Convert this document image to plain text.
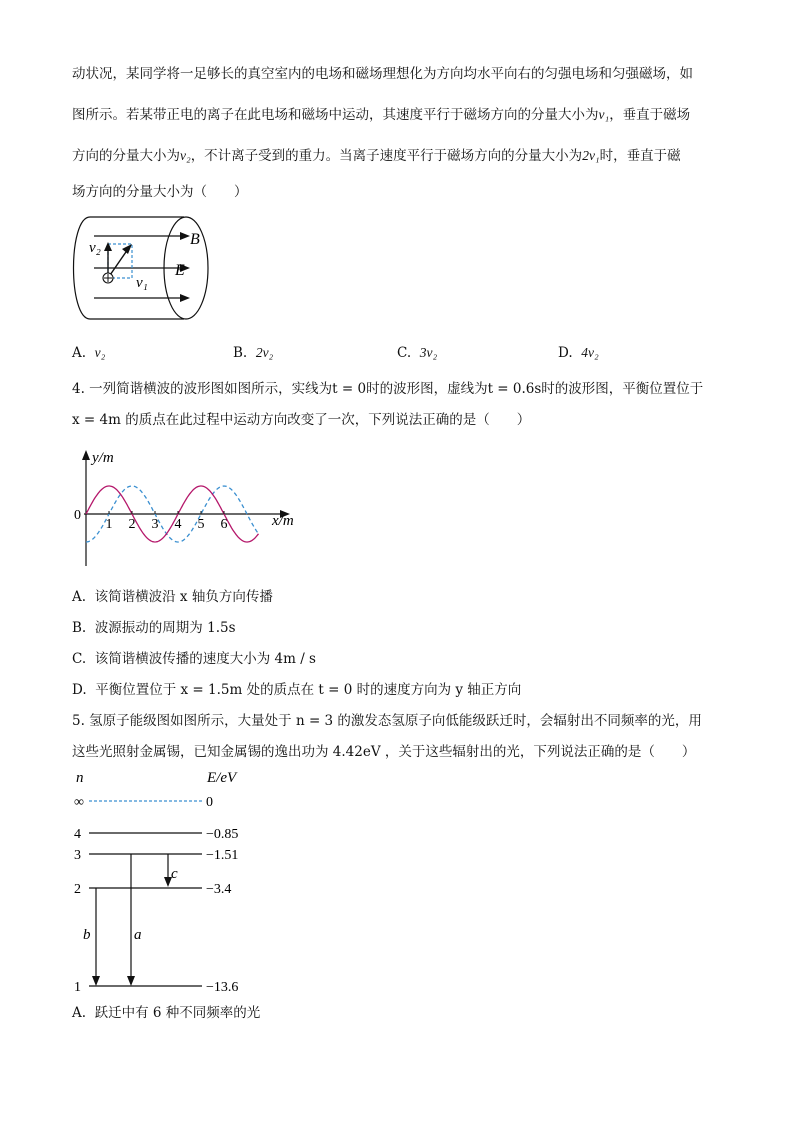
动状况，某同学将一足够长的真空室内的电场和磁场理想化为方向均水平向右的匀强电场和匀强磁场，如
图所示。若某带正电的离子在此电场和磁场中运动，其速度平行于磁场方向的分量大小为v₁，垂直于磁场
方向的分量大小为v₂，不计离子受到的重力。当离子速度平行于磁场方向的分量大小为2v₁时，垂直于磁
场方向的分量大小为（　　）
B
E
v₂
v₁
A. v₂	B. 2v₂	C. 3v₂	D. 4v₂
4. 一列简谐横波的波形图如图所示，实线为t = 0时的波形图，虚线为t = 0.6s时的波形图，平衡位置位于
x = 4m 的质点在此过程中运动方向改变了一次，下列说法正确的是（　　）
y/m
x/m
0
1 2 3 4 5 6
A. 该简谐横波沿 x 轴负方向传播
B. 波源振动的周期为 1.5s
C. 该简谐横波传播的速度大小为 4m / s
D. 平衡位置位于 x = 1.5m 处的质点在 t = 0 时的速度方向为 y 轴正方向
5. 氢原子能级图如图所示，大量处于 n = 3 的激发态氢原子向低能级跃迁时，会辐射出不同频率的光，用
这些光照射金属锡，已知金属锡的逸出功为 4.42eV ，关于这些辐射出的光，下列说法正确的是（　　）
n	E/eV
∞	0
4	−0.85
3	−1.51
2	−3.4
1	−13.6
c
b	a
A. 跃迁中有 6 种不同频率的光
